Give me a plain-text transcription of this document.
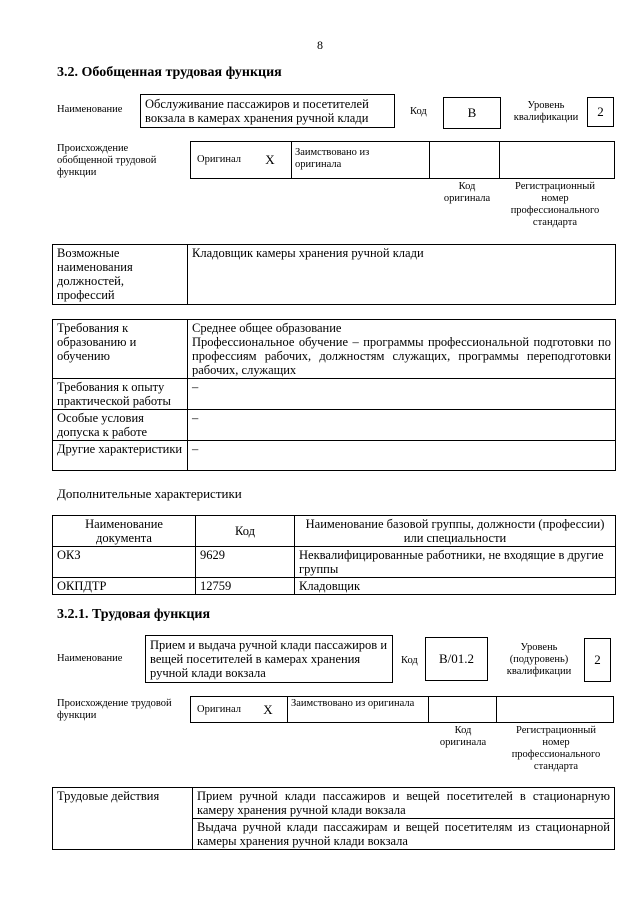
8
3.2. Обобщенная трудовая функция
Наименование	Обслуживание пассажиров и посетителей вокзала в камерах хранения ручной клади	Код	B	Уровень квалификации	2
Происхождение обобщенной трудовой функции
Оригинал	X	Заимствовано из оригинала
Код оригинала
Регистрационный номер профессионального стандарта
Возможные наименования должностей, профессий	Кладовщик камеры хранения ручной клади
Требования к образованию и обучению	Среднее общее образование
Профессиональное обучение – программы профессиональной подготовки по профессиям рабочих, должностям служащих, программы переподготовки рабочих, служащих

Требования к опыту практической работы	–
Особые условия допуска к работе	–
Другие характеристики	–
Дополнительные характеристики
Наименование документа	Код	Наименование базовой группы, должности (профессии) или специальности
ОКЗ	9629	Неквалифицированные работники, не входящие в другие группы
ОКПДТР	12759	Кладовщик
3.2.1. Трудовая функция
Наименование
Прием и выдача ручной клади пассажиров и вещей посетителей в камерах хранения ручной клади вокзала
Код	B/01.2
Уровень (подуровень) квалификации
2
Происхождение трудовой функции
Оригинал	X	Заимствовано из оригинала
Код оригинала
Регистрационный номер профессионального стандарта
Трудовые действия	Прием ручной клади пассажиров и вещей посетителей в стационарную камеру хранения ручной клади вокзала
Выдача ручной клади пассажирам и вещей посетителям из стационарной камеры хранения ручной клади вокзала
